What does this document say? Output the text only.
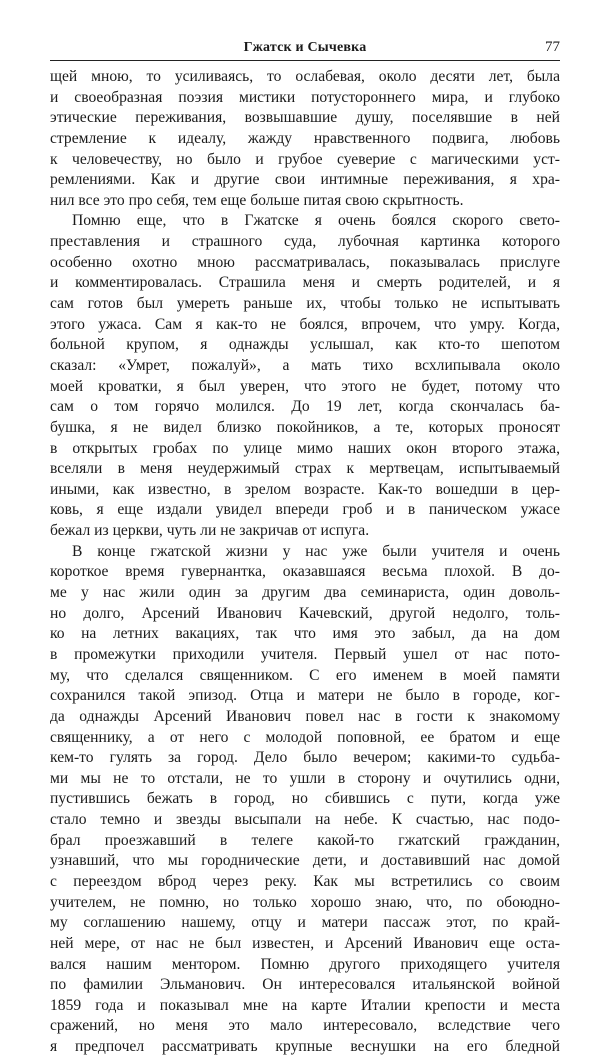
Гжатск и Сычевка	77
щей мною, то усиливаясь, то ослабевая, около десяти лет, была
и своеобразная поэзия мистики потустороннего мира, и глубоко
этические переживания, возвышавшие душу, поселявшие в ней
стремление к идеалу, жажду нравственного подвига, любовь
к человечеству, но было и грубое суеверие с магическими уст-
ремлениями. Как и другие свои интимные переживания, я хра-
нил все это про себя, тем еще больше питая свою скрытность.
Помню еще, что в Гжатске я очень боялся скорого свето-
преставления и страшного суда, лубочная картинка которого
особенно охотно мною рассматривалась, показывалась прислуге
и комментировалась. Страшила меня и смерть родителей, и я
сам готов был умереть раньше их, чтобы только не испытывать
этого ужаса. Сам я как-то не боялся, впрочем, что умру. Когда,
больной крупом, я однажды услышал, как кто-то шепотом
сказал: «Умрет, пожалуй», а мать тихо всхлипывала около
моей кроватки, я был уверен, что этого не будет, потому что
сам о том горячо молился. До 19 лет, когда скончалась ба-
бушка, я не видел близко покойников, а те, которых проносят
в открытых гробах по улице мимо наших окон второго этажа,
вселяли в меня неудержимый страх к мертвецам, испытываемый
иными, как известно, в зрелом возрасте. Как-то вошедши в цер-
ковь, я еще издали увидел впереди гроб и в паническом ужасе
бежал из церкви, чуть ли не закричав от испуга.
В конце гжатской жизни у нас уже были учителя и очень
короткое время гувернантка, оказавшаяся весьма плохой. В до-
ме у нас жили один за другим два семинариста, один доволь-
но долго, Арсений Иванович Качевский, другой недолго, толь-
ко на летних вакациях, так что имя это забыл, да на дом
в промежутки приходили учителя. Первый ушел от нас пото-
му, что сделался священником. С его именем в моей памяти
сохранился такой эпизод. Отца и матери не было в городе, ког-
да однажды Арсений Иванович повел нас в гости к знакомому
священнику, а от него с молодой поповной, ее братом и еще
кем-то гулять за город. Дело было вечером; какими-то судьба-
ми мы не то отстали, не то ушли в сторону и очутились одни,
пустившись бежать в город, но сбившись с пути, когда уже
стало темно и звезды высыпали на небе. К счастью, нас подо-
брал проезжавший в телеге какой-то гжатский гражданин,
узнавший, что мы городнические дети, и доставивший нас домой
с переездом вброд через реку. Как мы встретились со своим
учителем, не помню, но только хорошо знаю, что, по обоюдно-
му соглашению нашему, отцу и матери пассаж этот, по край-
ней мере, от нас не был известен, и Арсений Иванович еще оста-
вался нашим ментором. Помню другого приходящего учителя
по фамилии Эльманович. Он интересовался итальянской войной
1859 года и показывал мне на карте Италии крепости и места
сражений, но меня это мало интересовало, вследствие чего
я предпочел рассматривать крупные веснушки на его бледной
